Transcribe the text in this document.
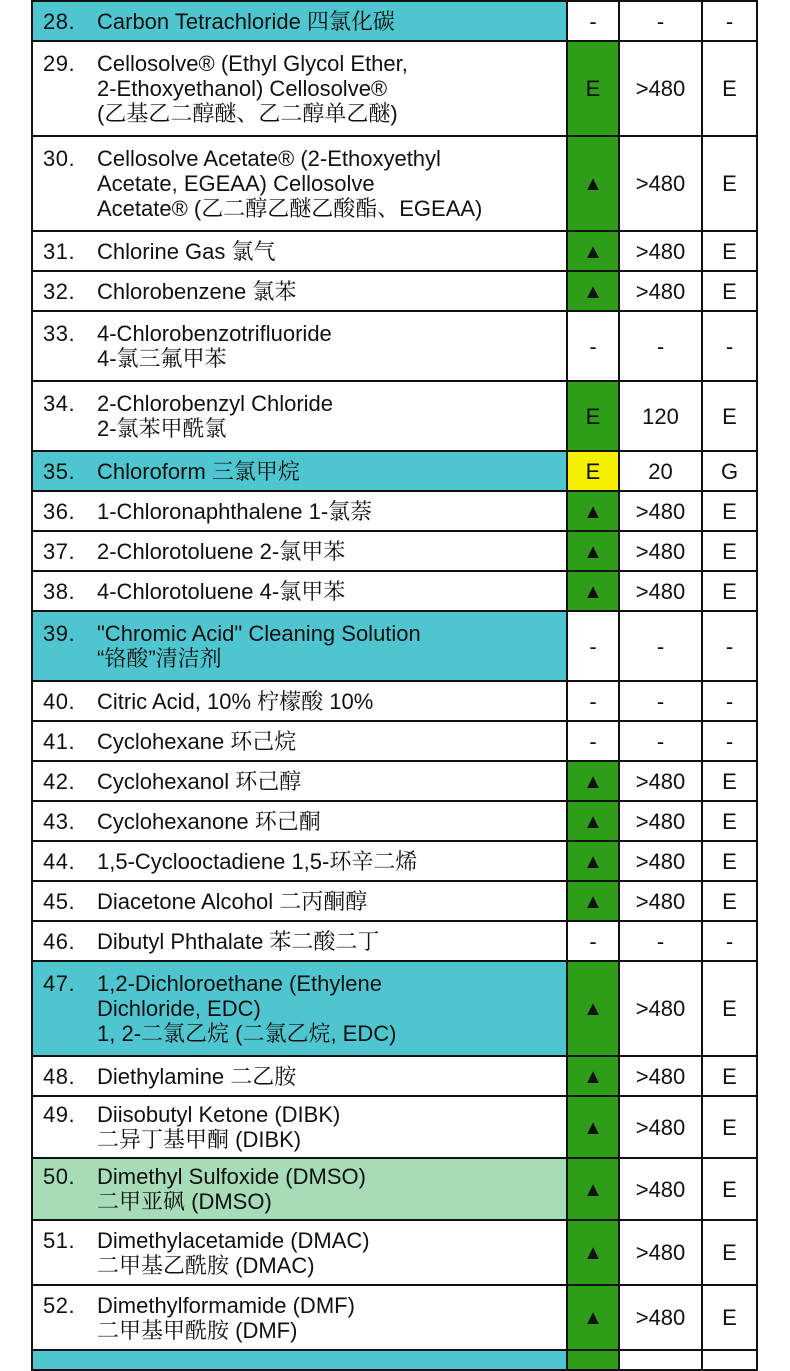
28. Carbon Tetrachloride 四氯化碳	-	-	-

29. Cellosolve® (Ethyl Glycol Ether,
2-Ethoxyethanol) Cellosolve®
(乙基乙二醇醚、乙二醇单乙醚)	E	>480	E

30. Cellosolve Acetate® (2-Ethoxyethyl
Acetate, EGEAA) Cellosolve
Acetate® (乙二醇乙醚乙酸酯、EGEAA)	▲	>480	E

31. Chlorine Gas 氯气	▲	>480	E

32. Chlorobenzene 氯苯	▲	>480	E

33. 4-Chlorobenzotrifluoride
4-氯三氟甲苯	-	-	-

34. 2-Chlorobenzyl Chloride
2-氯苯甲酰氯	E	120	E

35. Chloroform 三氯甲烷	E	20	G

36. 1-Chloronaphthalene 1-氯萘	▲	>480	E

37. 2-Chlorotoluene 2-氯甲苯	▲	>480	E

38. 4-Chlorotoluene 4-氯甲苯	▲	>480	E

39. "Chromic Acid" Cleaning Solution
“铬酸”清洁剂	-	-	-

40. Citric Acid, 10% 柠檬酸 10%	-	-	-

41. Cyclohexane 环己烷	-	-	-

42. Cyclohexanol 环己醇	▲	>480	E

43. Cyclohexanone 环己酮	▲	>480	E

44. 1,5-Cyclooctadiene 1,5-环辛二烯	▲	>480	E

45. Diacetone Alcohol 二丙酮醇	▲	>480	E

46. Dibutyl Phthalate 苯二酸二丁	-	-	-

47. 1,2-Dichloroethane (Ethylene
Dichloride, EDC)
1, 2-二氯乙烷 (二氯乙烷, EDC)	▲	>480	E

48. Diethylamine 二乙胺	▲	>480	E

49. Diisobutyl Ketone (DIBK)
二异丁基甲酮 (DIBK)	▲	>480	E

50. Dimethyl Sulfoxide (DMSO)
二甲亚砜 (DMSO)	▲	>480	E

51. Dimethylacetamide (DMAC)
二甲基乙酰胺 (DMAC)	▲	>480	E

52. Dimethylformamide (DMF)
二甲基甲酰胺 (DMF)	▲	>480	E
